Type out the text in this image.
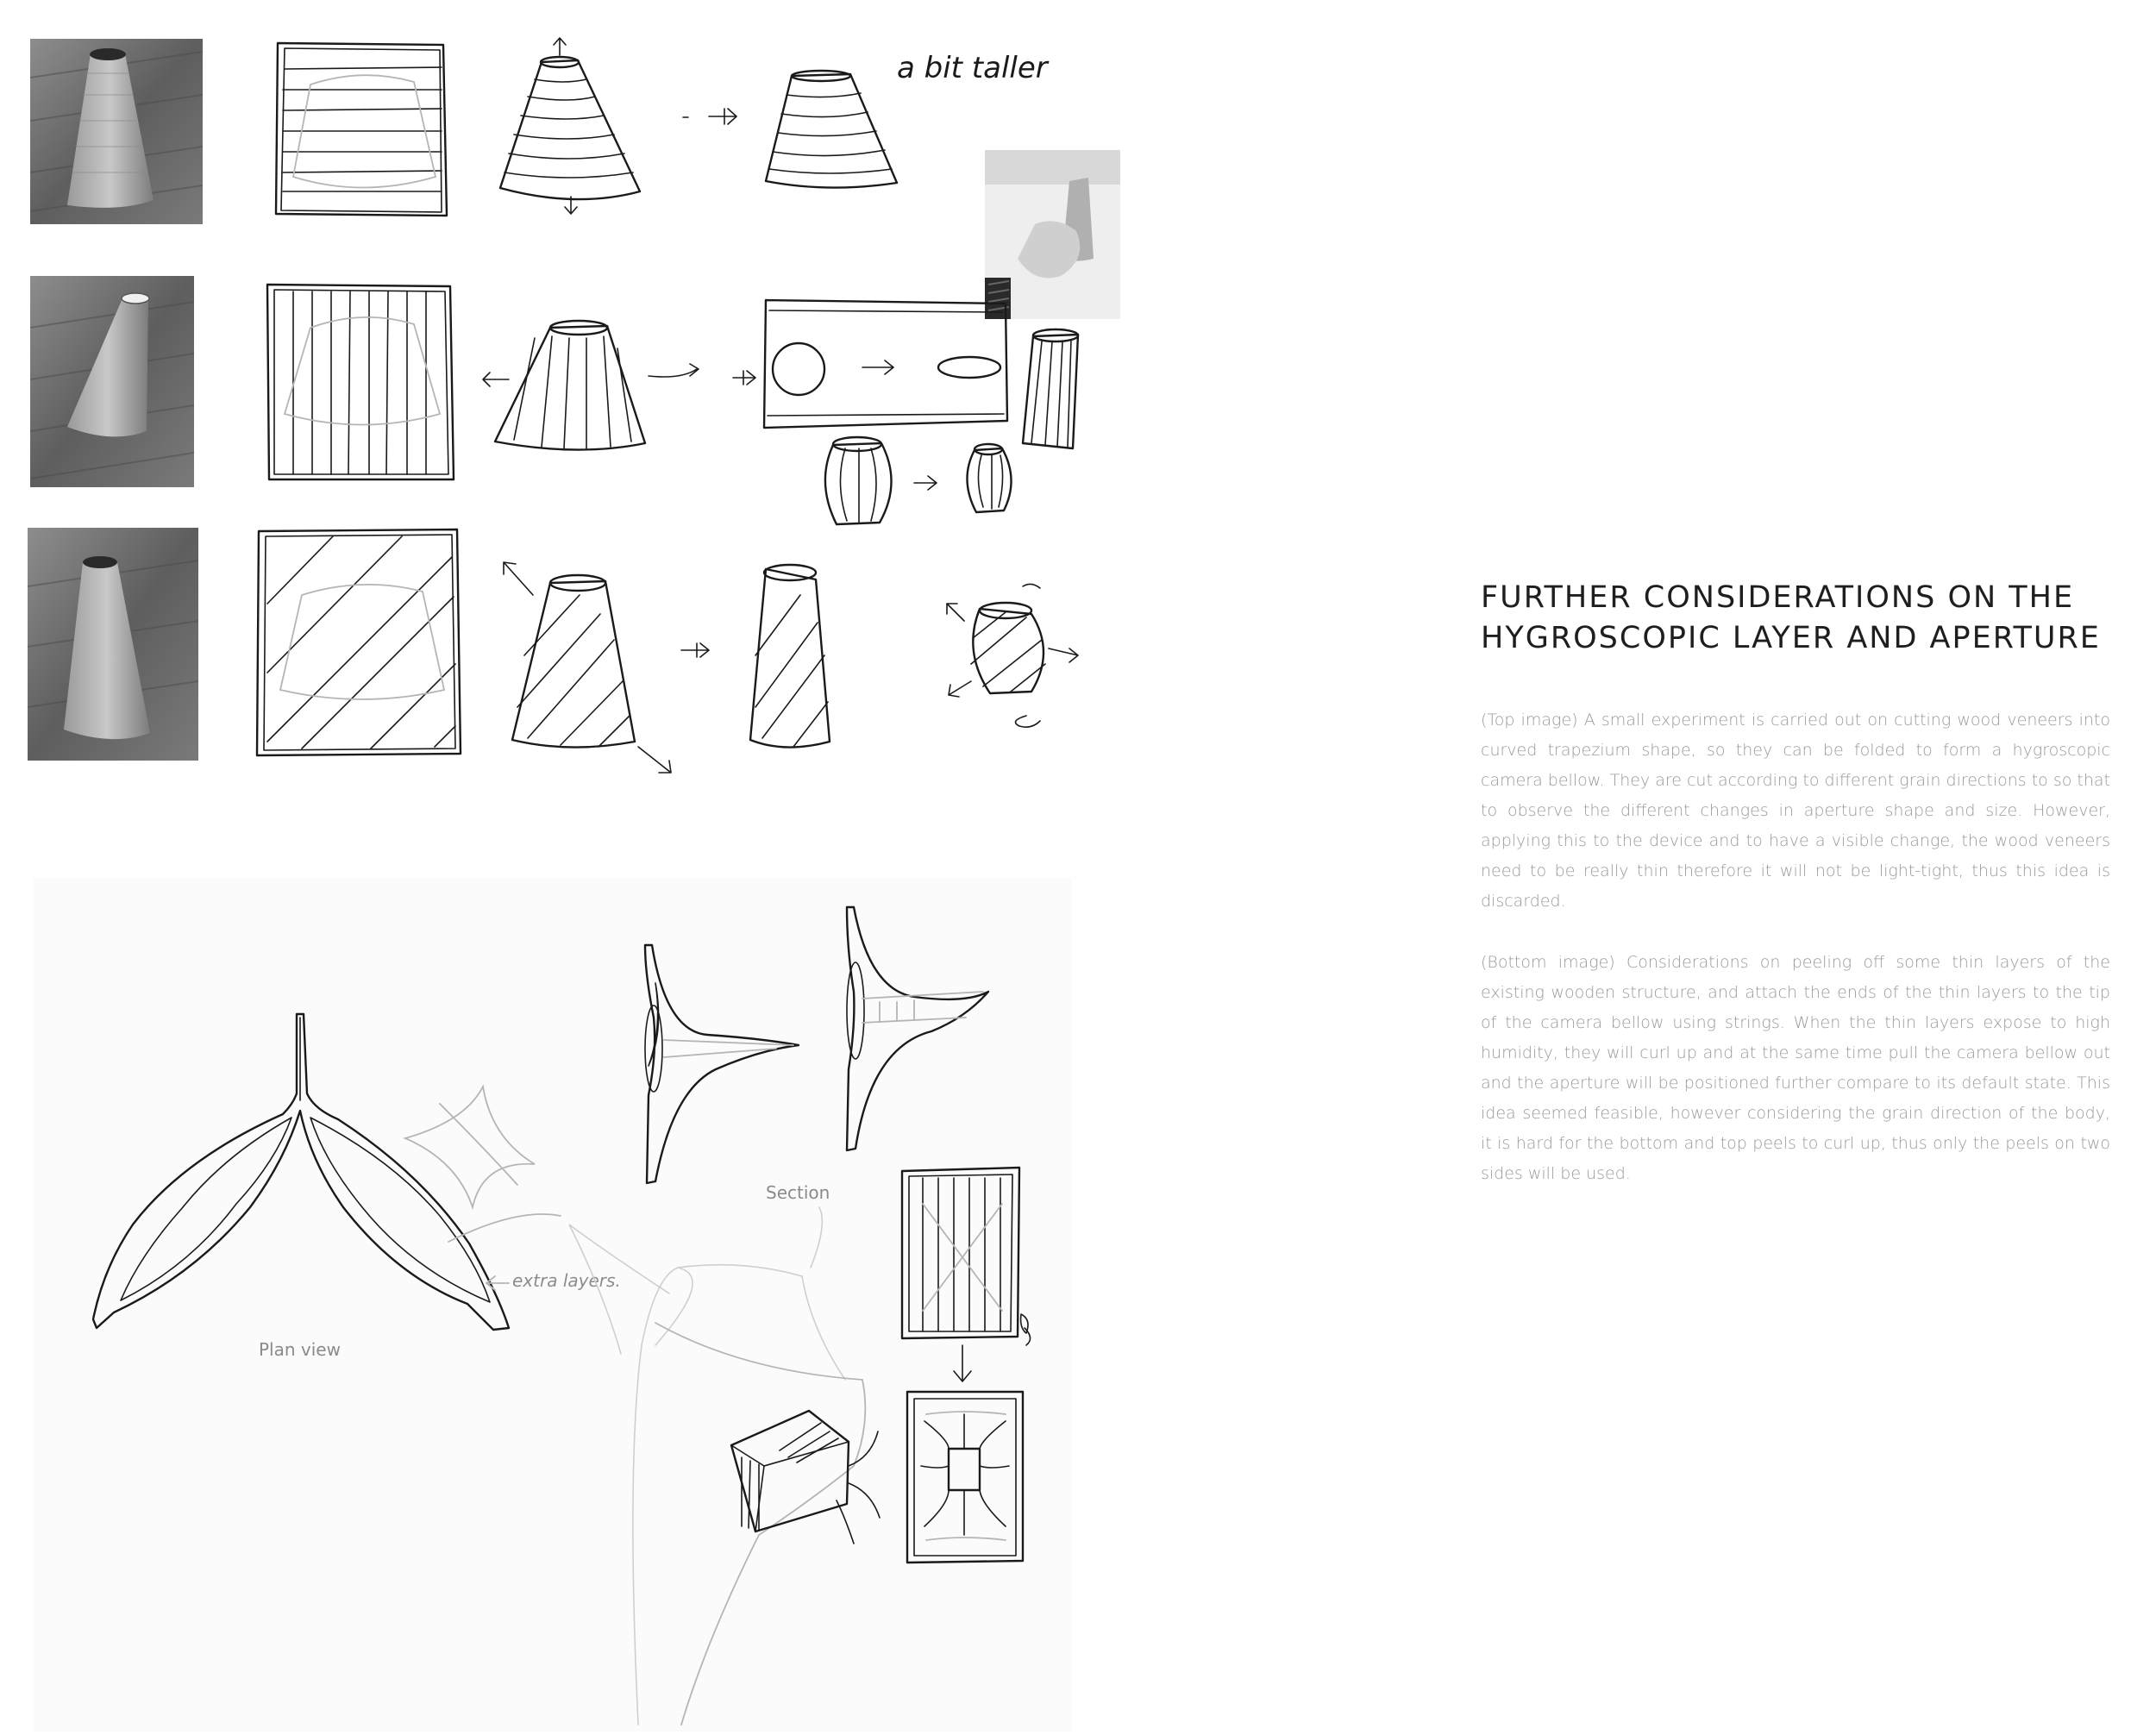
a bit taller
extra layers.
Plan view
Section
FURTHER CONSIDERATIONS ON THE
HYGROSCOPIC LAYER AND APERTURE

(Top image) A small experiment is carried out on cutting wood veneers into curved trapezium shape, so they can be folded to form a hygroscopic camera bellow. They are cut according to different grain directions to so that to observe the different changes in aperture shape and size. However, applying this to the device and to have a visible change, the wood veneers need to be really thin therefore it will not be light-tight, thus this idea is discarded.

(Bottom image) Considerations on peeling off some thin layers of the existing wooden structure, and attach the ends of the thin layers to the tip of the camera bellow using strings. When the thin layers expose to high humidity, they will curl up and at the same time pull the camera bellow out and the aperture will be positioned further compare to its default state. This idea seemed feasible, however considering the grain direction of the body, it is hard for the bottom and top peels to curl up, thus only the peels on two sides will be used.
